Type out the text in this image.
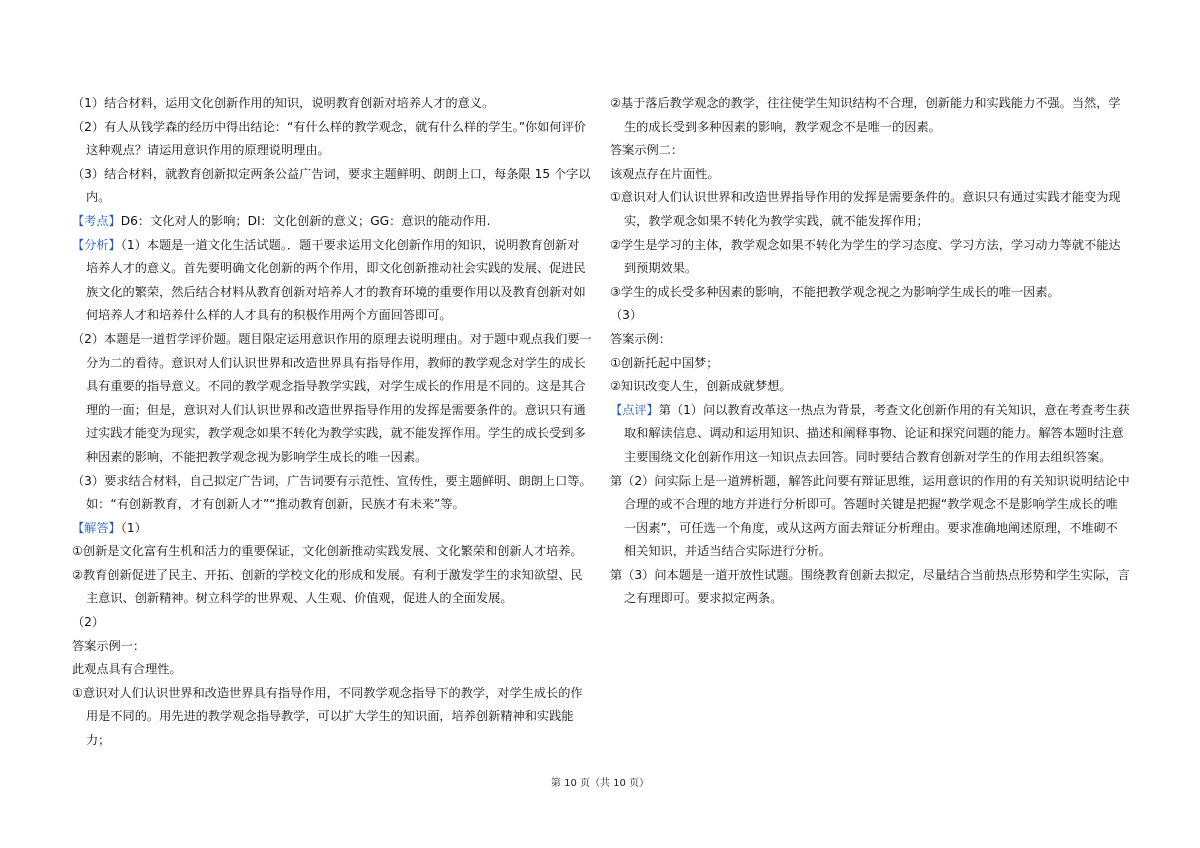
（1）结合材料，运用文化创新作用的知识，说明教育创新对培养人才的意义。

（2）有人从钱学森的经历中得出结论：“有什么样的教学观念，就有什么样的学生。”你如何评价
这种观点？请运用意识作用的原理说明理由。

（3）结合材料，就教育创新拟定两条公益广告词，要求主题鲜明、朗朗上口，每条限 15 个字以
内。

【考点】D6：文化对人的影响；DI：文化创新的意义；GG：意识的能动作用.

【分析】（1）本题是一道文化生活试题。．题干要求运用文化创新作用的知识，说明教育创新对
培养人才的意义。首先要明确文化创新的两个作用，即文化创新推动社会实践的发展、促进民
族文化的繁荣，然后结合材料从教育创新对培养人才的教育环境的重要作用以及教育创新对如
何培养人才和培养什么样的人才具有的积极作用两个方面回答即可。

（2）本题是一道哲学评价题。题目限定运用意识作用的原理去说明理由。对于题中观点我们要一
分为二的看待。意识对人们认识世界和改造世界具有指导作用，教师的教学观念对学生的成长
具有重要的指导意义。不同的教学观念指导教学实践，对学生成长的作用是不同的。这是其合
理的一面；但是，意识对人们认识世界和改造世界指导作用的发挥是需要条件的。意识只有通
过实践才能变为现实，教学观念如果不转化为教学实践，就不能发挥作用。学生的成长受到多
种因素的影响，不能把教学观念视为影响学生成长的唯一因素。

（3）要求结合材料，自己拟定广告词，广告词要有示范性、宣传性，要主题鲜明、朗朗上口等。
如：“有创新教育，才有创新人才”“推动教育创新，民族才有未来”等。

【解答】（1）

①创新是文化富有生机和活力的重要保证，文化创新推动实践发展、文化繁荣和创新人才培养。

②教育创新促进了民主、开拓、创新的学校文化的形成和发展。有利于激发学生的求知欲望、民
主意识、创新精神。树立科学的世界观、人生观、价值观，促进人的全面发展。

（2）

答案示例一：

此观点具有合理性。

①意识对人们认识世界和改造世界具有指导作用，不同教学观念指导下的教学，对学生成长的作
用是不同的。用先进的教学观念指导教学，可以扩大学生的知识面，培养创新精神和实践能
力；

②基于落后教学观念的教学，往往使学生知识结构不合理，创新能力和实践能力不强。当然，学
生的成长受到多种因素的影响，教学观念不是唯一的因素。

答案示例二：

该观点存在片面性。

①意识对人们认识世界和改造世界指导作用的发挥是需要条件的。意识只有通过实践才能变为现
实，教学观念如果不转化为教学实践，就不能发挥作用；

②学生是学习的主体，教学观念如果不转化为学生的学习态度、学习方法，学习动力等就不能达
到预期效果。

③学生的成长受多种因素的影响，不能把教学观念视之为影响学生成长的唯一因素。

（3）

答案示例：

①创新托起中国梦；

②知识改变人生，创新成就梦想。

【点评】第（1）问以教育改革这一热点为背景，考查文化创新作用的有关知识，意在考查考生获
取和解读信息、调动和运用知识、描述和阐释事物、论证和探究问题的能力。解答本题时注意
主要围绕文化创新作用这一知识点去回答。同时要结合教育创新对学生的作用去组织答案。

第（2）问实际上是一道辨析题，解答此问要有辩证思维，运用意识的作用的有关知识说明结论中
合理的或不合理的地方并进行分析即可。答题时关键是把握“教学观念不是影响学生成长的唯
一因素”，可任选一个角度，或从这两方面去辩证分析理由。要求准确地阐述原理，不堆砌不
相关知识，并适当结合实际进行分析。

第（3）问本题是一道开放性试题。围绕教育创新去拟定，尽量结合当前热点形势和学生实际，言
之有理即可。要求拟定两条。

第 10 页（共 10 页）
